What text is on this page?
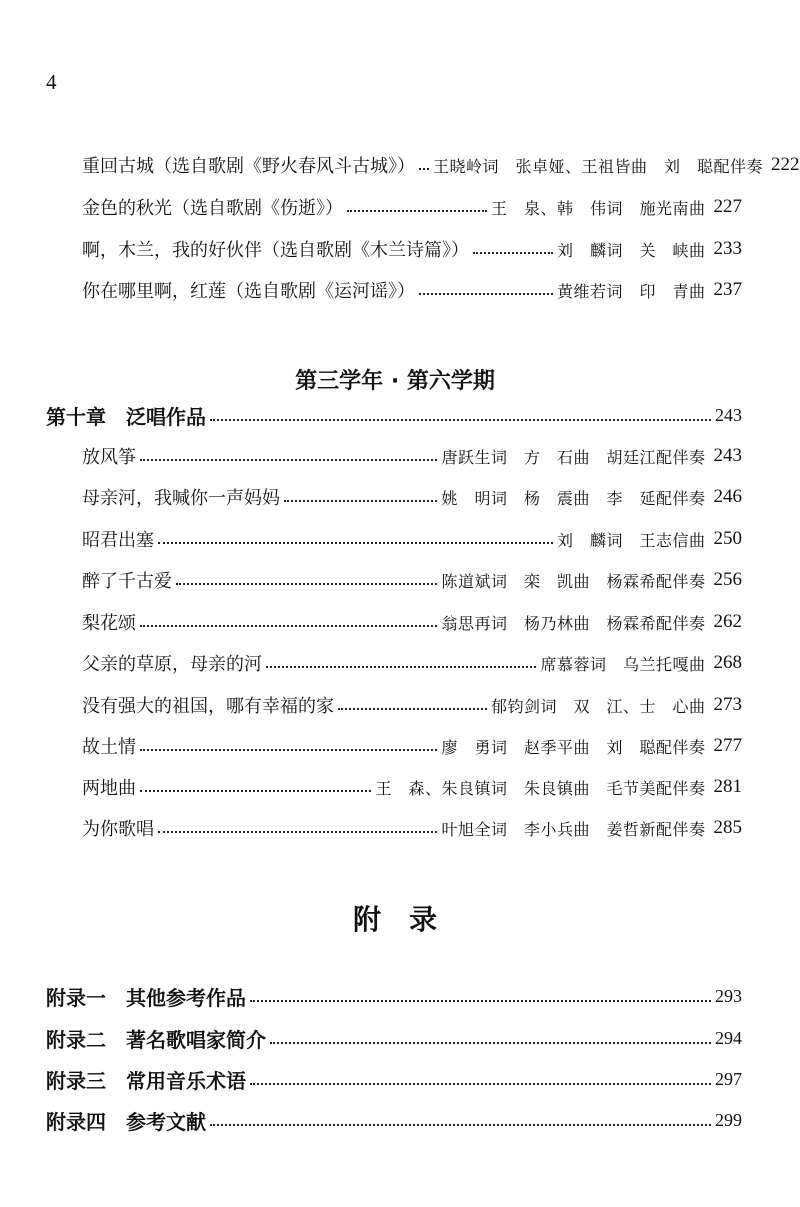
4
重回古城（选自歌剧《野火春风斗古城》） 王晓岭词　张卓娅、王祖皆曲　刘　聪配伴奏 222
金色的秋光（选自歌剧《伤逝》）	王　泉、韩　伟词　施光南曲 227
啊，木兰，我的好伙伴（选自歌剧《木兰诗篇》）	刘　麟词　关　峡曲 233
你在哪里啊，红莲（选自歌剧《运河谣》）	黄维若词　印　青曲 237
第三学年 · 第六学期
第十章　泛唱作品	243
放风筝	唐跃生词　方　石曲　胡廷江配伴奏 243
母亲河，我喊你一声妈妈	姚　明词　杨　震曲　李　延配伴奏 246
昭君出塞	刘　麟词　王志信曲 250
醉了千古爱	陈道斌词　栾　凯曲　杨霖希配伴奏 256
梨花颂	翁思再词　杨乃林曲　杨霖希配伴奏 262
父亲的草原，母亲的河	席慕蓉词　乌兰托嘎曲 268
没有强大的祖国，哪有幸福的家	郁钧剑词　双　江、士　心曲 273
故土情	廖　勇词　赵季平曲　刘　聪配伴奏 277
两地曲	王　森、朱良镇词　朱良镇曲　毛节美配伴奏 281
为你歌唱	叶旭全词　李小兵曲　姜哲新配伴奏 285
附　录
附录一　其他参考作品	293
附录二　著名歌唱家简介	294
附录三　常用音乐术语	297
附录四　参考文献	299
